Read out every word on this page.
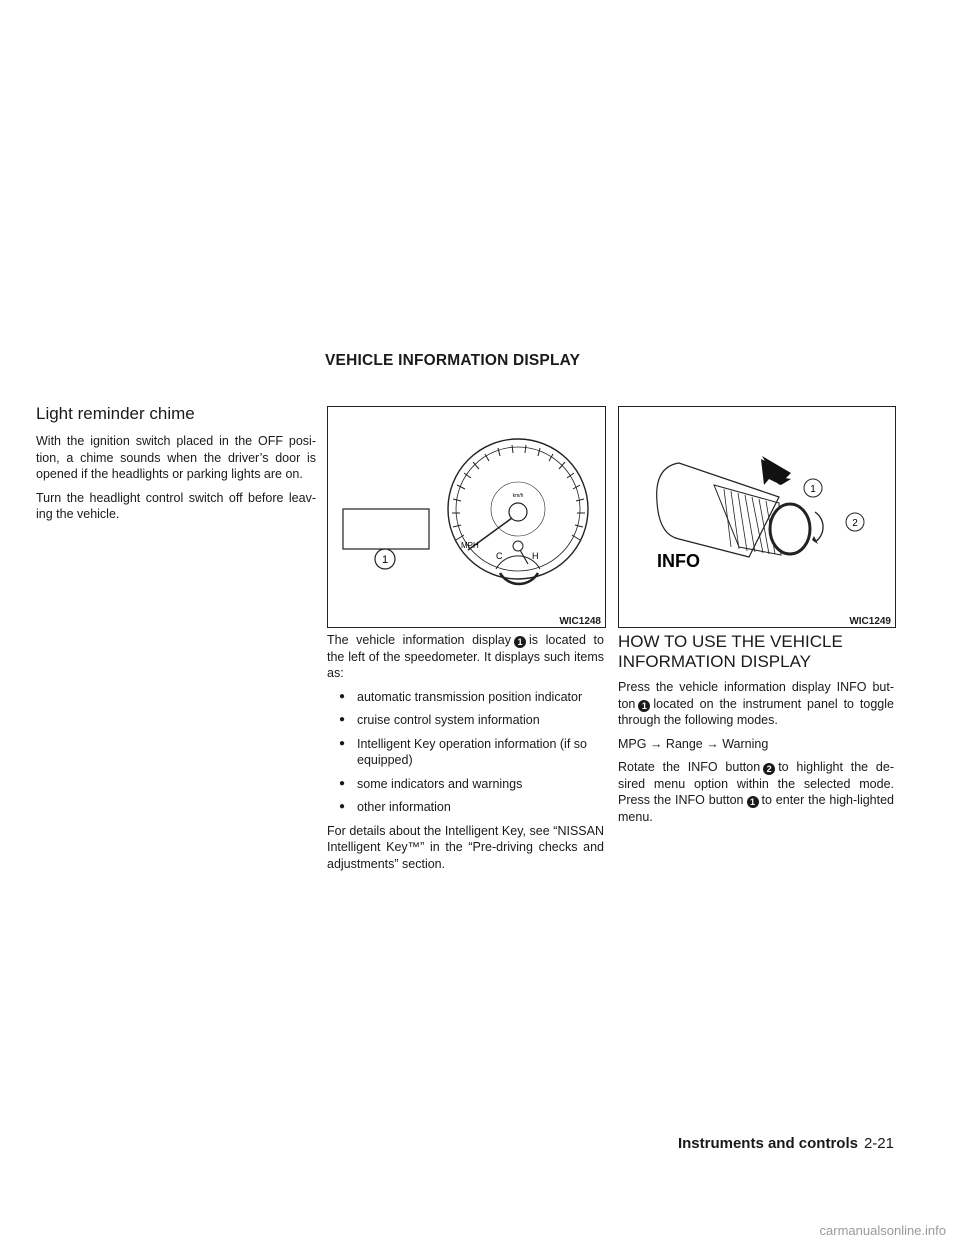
VEHICLE INFORMATION DISPLAY
Light reminder chime

With the ignition switch placed in the OFF posi-tion, a chime sounds when the driver’s door is opened if the headlights or parking lights are on.

Turn the headlight control switch off before leav-ing the vehicle.

1
km/h
MPH
C	H
WIC1248
1
2
INFO
WIC1249

The vehicle information display 1 is located to the left of the speedometer. It displays such items as:

● automatic transmission position indicator
● cruise control system information
● Intelligent Key operation information (if so equipped)
● some indicators and warnings
● other information

For details about the Intelligent Key, see “NISSAN Intelligent Key™” in the “Pre-driving checks and adjustments” section.

HOW TO USE THE VEHICLE INFORMATION DISPLAY

Press the vehicle information display INFO but-ton 1 located on the instrument panel to toggle through the following modes.

MPG → Range → Warning

Rotate the INFO button 2 to highlight the de-sired menu option within the selected mode. Press the INFO button 1 to enter the high-lighted menu.

Instruments and controls 2-21
carmanualsonline.info
